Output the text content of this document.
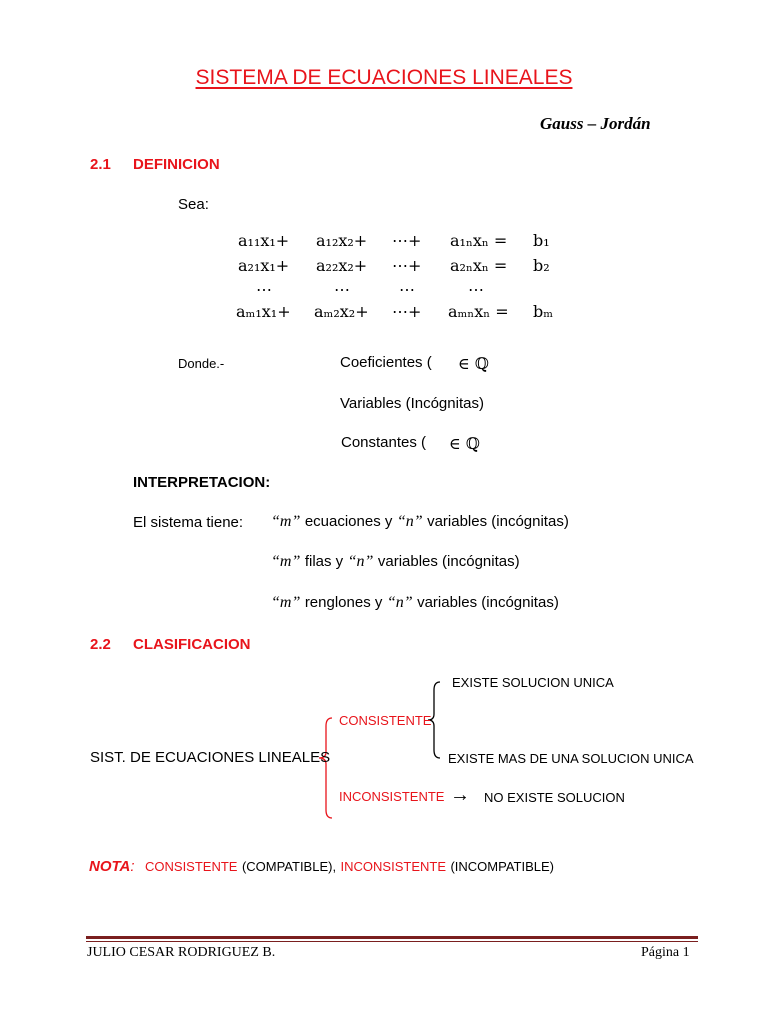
SISTEMA DE ECUACIONES LINEALES
Gauss – Jordán
2.1 DEFINICION
Sea:
a₁₁x₁+ a₁₂x₂+ ⋯+ a₁ₙxₙ = b₁
a₂₁x₁+ a₂₂x₂+ ⋯+ a₂ₙxₙ = b₂
⋯	⋯	⋯	⋯
aₘ₁x₁+ aₘ₂x₂+ ⋯+ aₘₙxₙ = bₘ
Donde.-	Coeficientes ( ∈ ℚ
Variables (Incógnitas)
Constantes ( ∈ ℚ
INTERPRETACION:
El sistema tiene: “m” ecuaciones y “n” variables (incógnitas)
“m” filas y “n” variables (incógnitas)
“m” renglones y “n” variables (incógnitas)
2.2 CLASIFICACION
EXISTE SOLUCION UNICA
CONSISTENTE
SIST. DE ECUACIONES LINEALES	EXISTE MAS DE UNA SOLUCION UNICA
INCONSISTENTE → NO EXISTE SOLUCION
NOTA: CONSISTENTE (COMPATIBLE), INCONSISTENTE (INCOMPATIBLE)
JULIO CESAR RODRIGUEZ B.	Página 1
